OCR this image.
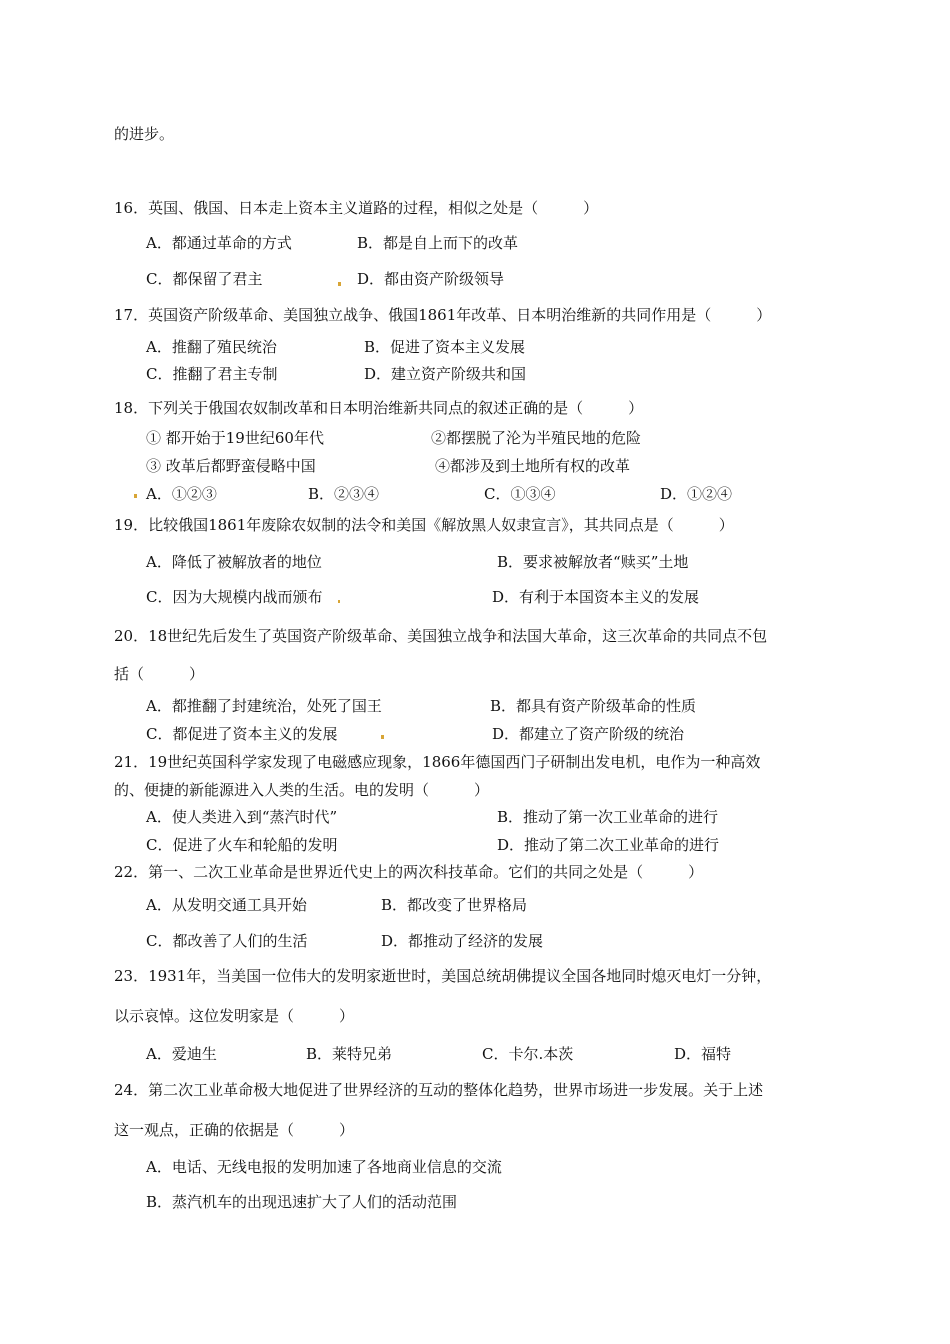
的进步。

16．英国、俄国、日本走上资本主义道路的过程，相似之处是（　　　）

A．都通过革命的方式	B．都是自上而下的改革
C．都保留了君主	D．都由资产阶级领导

17．英国资产阶级革命、美国独立战争、俄国1861年改革、日本明治维新的共同作用是（　　　）

A．推翻了殖民统治	B．促进了资本主义发展
C．推翻了君主专制	D．建立资产阶级共和国

18．下列关于俄国农奴制改革和日本明治维新共同点的叙述正确的是（　　　）

① 都开始于19世纪60年代	②都摆脱了沦为半殖民地的危险
③ 改革后都野蛮侵略中国	④都涉及到土地所有权的改革
A．①②③	B．②③④	C．①③④	D．①②④

19．比较俄国1861年废除农奴制的法令和美国《解放黑人奴隶宣言》，其共同点是（　　　）

A．降低了被解放者的地位	B．要求被解放者“赎买”土地
C．因为大规模内战而颁布	D．有利于本国资本主义的发展

20．18世纪先后发生了英国资产阶级革命、美国独立战争和法国大革命，这三次革命的共同点不包

括（　　　）

A．都推翻了封建统治，处死了国王	B．都具有资产阶级革命的性质
C．都促进了资本主义的发展	D．都建立了资产阶级的统治

21．19世纪英国科学家发现了电磁感应现象，1866年德国西门子研制出发电机，电作为一种高效

的、便捷的新能源进入人类的生活。电的发明（　　　）

A．使人类进入到“蒸汽时代”	B．推动了第一次工业革命的进行
C．促进了火车和轮船的发明	D．推动了第二次工业革命的进行

22．第一、二次工业革命是世界近代史上的两次科技革命。它们的共同之处是（　　　）

A．从发明交通工具开始	B．都改变了世界格局
C．都改善了人们的生活	D．都推动了经济的发展

23．1931年，当美国一位伟大的发明家逝世时，美国总统胡佛提议全国各地同时熄灭电灯一分钟，

以示哀悼。这位发明家是（　　　）

A．爱迪生	B．莱特兄弟	C．卡尔.本茨	D．福特

24．第二次工业革命极大地促进了世界经济的互动的整体化趋势，世界市场进一步发展。关于上述

这一观点，正确的依据是（　　　）

A．电话、无线电报的发明加速了各地商业信息的交流
B．蒸汽机车的出现迅速扩大了人们的活动范围
